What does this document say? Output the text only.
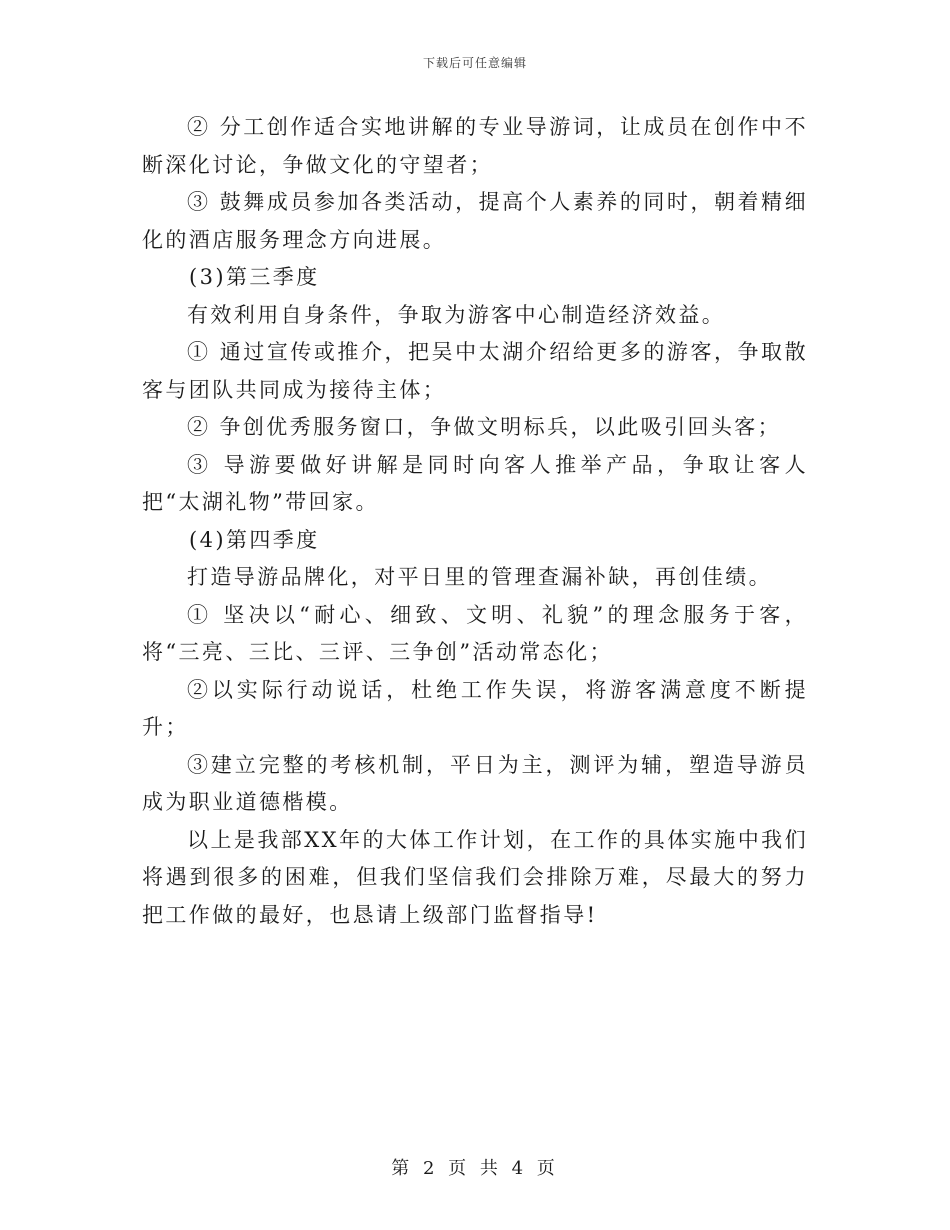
下载后可任意编辑

② 分工创作适合实地讲解的专业导游词，让成员在创作中不断深化讨论，争做文化的守望者；

③ 鼓舞成员参加各类活动，提高个人素养的同时，朝着精细化的酒店服务理念方向进展。

(3)第三季度

有效利用自身条件，争取为游客中心制造经济效益。

① 通过宣传或推介，把吴中太湖介绍给更多的游客，争取散客与团队共同成为接待主体；

② 争创优秀服务窗口，争做文明标兵，以此吸引回头客；

③ 导游要做好讲解是同时向客人推举产品，争取让客人把“太湖礼物”带回家。

(4)第四季度

打造导游品牌化，对平日里的管理查漏补缺，再创佳绩。

① 坚决以“耐心、细致、文明、礼貌”的理念服务于客，将“三亮、三比、三评、三争创”活动常态化；

②以实际行动说话，杜绝工作失误，将游客满意度不断提升；

③建立完整的考核机制，平日为主，测评为辅，塑造导游员成为职业道德楷模。

以上是我部XX年的大体工作计划，在工作的具体实施中我们将遇到很多的困难，但我们坚信我们会排除万难，尽最大的努力把工作做的最好，也恳请上级部门监督指导!

第 2 页 共 4 页
